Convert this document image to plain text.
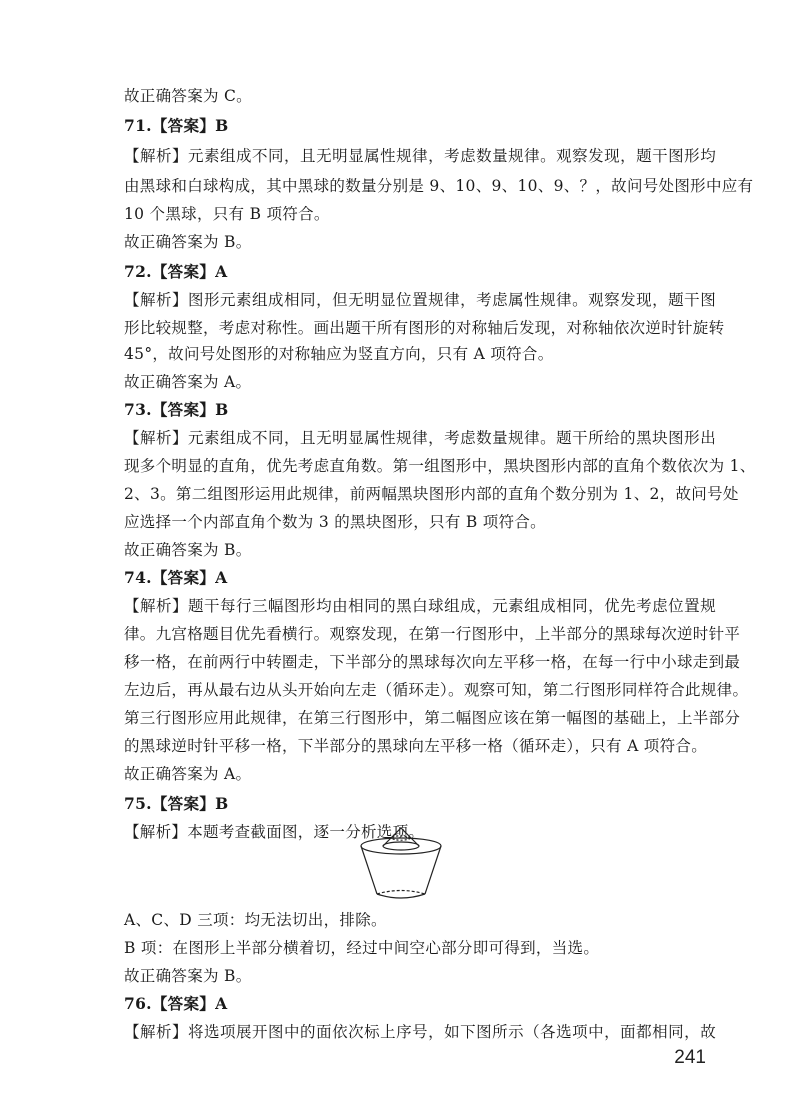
故正确答案为 C。
71.【答案】B
【解析】元素组成不同，且无明显属性规律，考虑数量规律。观察发现，题干图形均
由黑球和白球构成，其中黑球的数量分别是 9、10、9、10、9、？，故问号处图形中应有
10 个黑球，只有 B 项符合。
故正确答案为 B。
72.【答案】A
【解析】图形元素组成相同，但无明显位置规律，考虑属性规律。观察发现，题干图
形比较规整，考虑对称性。画出题干所有图形的对称轴后发现，对称轴依次逆时针旋转
45°，故问号处图形的对称轴应为竖直方向，只有 A 项符合。
故正确答案为 A。
73.【答案】B
【解析】元素组成不同，且无明显属性规律，考虑数量规律。题干所给的黑块图形出
现多个明显的直角，优先考虑直角数。第一组图形中，黑块图形内部的直角个数依次为 1、
2、3。第二组图形运用此规律，前两幅黑块图形内部的直角个数分别为 1、2，故问号处
应选择一个内部直角个数为 3 的黑块图形，只有 B 项符合。
故正确答案为 B。
74.【答案】A
【解析】题干每行三幅图形均由相同的黑白球组成，元素组成相同，优先考虑位置规
律。九宫格题目优先看横行。观察发现，在第一行图形中，上半部分的黑球每次逆时针平
移一格，在前两行中转圈走，下半部分的黑球每次向左平移一格，在每一行中小球走到最
左边后，再从最右边从头开始向左走（循环走）。观察可知，第二行图形同样符合此规律。
第三行图形应用此规律，在第三行图形中，第二幅图应该在第一幅图的基础上，上半部分
的黑球逆时针平移一格，下半部分的黑球向左平移一格（循环走），只有 A 项符合。
故正确答案为 A。
75.【答案】B
【解析】本题考查截面图，逐一分析选项。
A、C、D 三项：均无法切出，排除。
B 项：在图形上半部分横着切，经过中间空心部分即可得到，当选。
故正确答案为 B。
76.【答案】A
【解析】将选项展开图中的面依次标上序号，如下图所示（各选项中，面都相同，故
241
